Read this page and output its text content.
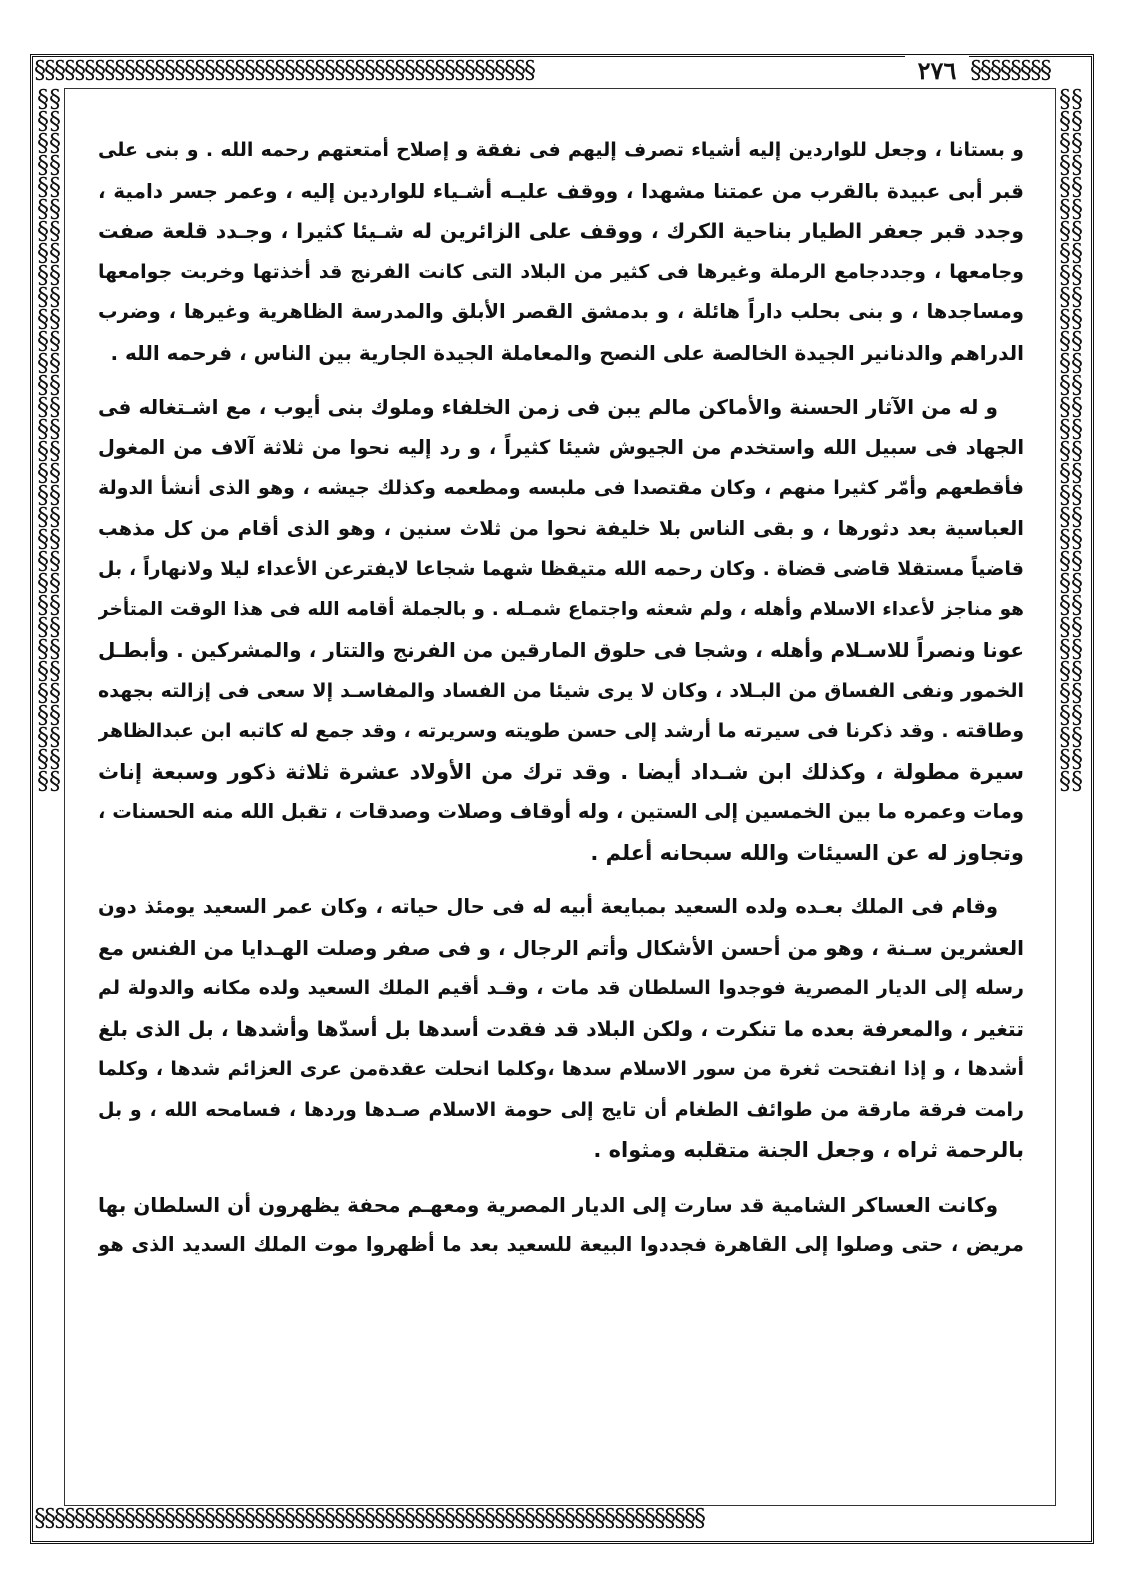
§§§§§§§§§§§§§§§§§§§§§§§§§§§§§§§§§§§§§§§§§§§§§§§§§§	§§§§§§§§
§§§§§§§§§§§§§§§§§§§§§§§§§§§§§§§§§§§§§§§§§§§§§§§§§§§§§§§§§§§§§§§§§§§
§§§§§§§§§§§§§§§§§§§§§§§§§§§§§§§§§§§§§§§§§§§§§§§§§§§§§§§§§§§§§§§§
§§§§§§§§§§§§§§§§§§§§§§§§§§§§§§§§§§§§§§§§§§§§§§§§§§§§§§§§§§§§§§§§
٢٧٦
و بستانا ، وجعل للواردين إليه أشياء تصرف إليهم فى نفقة و إصلاح أمتعتهم رحمه الله . و بنى على
قبر أبى عبيدة بالقرب من عمتنا مشهدا ، ووقف عليـه أشـياء للواردين إليه ، وعمر جسر دامية ،
وجدد قبر جعفر الطيار بناحية الكرك ، ووقف على الزائرين له شـيئا كثيرا ، وجـدد قلعة صفت
وجامعها ، وجددجامع الرملة وغيرها فى كثير من البلاد التى كانت الفرنج قد أخذتها وخربت جوامعها
ومساجدها ، و بنى بحلب داراً هائلة ، و بدمشق القصر الأبلق والمدرسة الظاهرية وغيرها ، وضرب
الدراهم والدنانير الجيدة الخالصة على النصح والمعاملة الجيدة الجارية بين الناس ، فرحمه الله .
و له من الآثار الحسنة والأماكن مالم يبن فى زمن الخلفاء وملوك بنى أيوب ، مع اشـتغاله فى
الجهاد فى سبيل الله واستخدم من الجيوش شيئا كثيراً ، و رد إليه نحوا من ثلاثة آلاف من المغول
فأقطعهم وأمّر كثيرا منهم ، وكان مقتصدا فى ملبسه ومطعمه وكذلك جيشه ، وهو الذى أنشأ الدولة
العباسية بعد دثورها ، و بقى الناس بلا خليفة نحوا من ثلاث سنين ، وهو الذى أقام من كل مذهب
قاضياً مستقلا قاضى قضاة . وكان رحمه الله متيقظا شهما شجاعا لايفترعن الأعداء ليلا ولانهاراً ، بل
هو مناجز لأعداء الاسلام وأهله ، ولم شعثه واجتماع شمـله . و بالجملة أقامه الله فى هذا الوقت المتأخر
عونا ونصراً للاسـلام وأهله ، وشجا فى حلوق المارقين من الفرنج والتتار ، والمشركين . وأبطـل
الخمور ونفى الفساق من البـلاد ، وكان لا يرى شيئا من الفساد والمفاسـد إلا سعى فى إزالته بجهده
وطاقته . وقد ذكرنا فى سيرته ما أرشد إلى حسن طويته وسريرته ، وقد جمع له كاتبه ابن عبدالظاهر
سيرة مطولة ، وكذلك ابن شـداد أيضا . وقد ترك من الأولاد عشرة ثلاثة ذكور وسبعة إناث
ومات وعمره ما بين الخمسين إلى الستين ، وله أوقاف وصلات وصدقات ، تقبل الله منه الحسنات ،
وتجاوز له عن السيئات والله سبحانه أعلم .
وقام فى الملك بعـده ولده السعيد بمبايعة أبيه له فى حال حياته ، وكان عمر السعيد يومئذ دون
العشرين سـنة ، وهو من أحسن الأشكال وأتم الرجال ، و فى صفر وصلت الهـدايا من الفنس مع
رسله إلى الديار المصرية فوجدوا السلطان قد مات ، وقـد أقيم الملك السعيد ولده مكانه والدولة لم
تتغير ، والمعرفة بعده ما تنكرت ، ولكن البلاد قد فقدت أسدها بل أسدّها وأشدها ، بل الذى بلغ
أشدها ، و إذا انفتحت ثغرة من سور الاسلام سدها ،وكلما انحلت عقدةمن عرى العزائم شدها ، وكلما
رامت فرقة مارقة من طوائف الطغام أن تايج إلى حومة الاسلام صـدها وردها ، فسامحه الله ، و بل
بالرحمة ثراه ، وجعل الجنة متقلبه ومثواه .
وكانت العساكر الشامية قد سارت إلى الديار المصرية ومعهـم محفة يظهرون أن السلطان بها
مريض ، حتى وصلوا إلى القاهرة فجددوا البيعة للسعيد بعد ما أظهروا موت الملك السديد الذى هو
